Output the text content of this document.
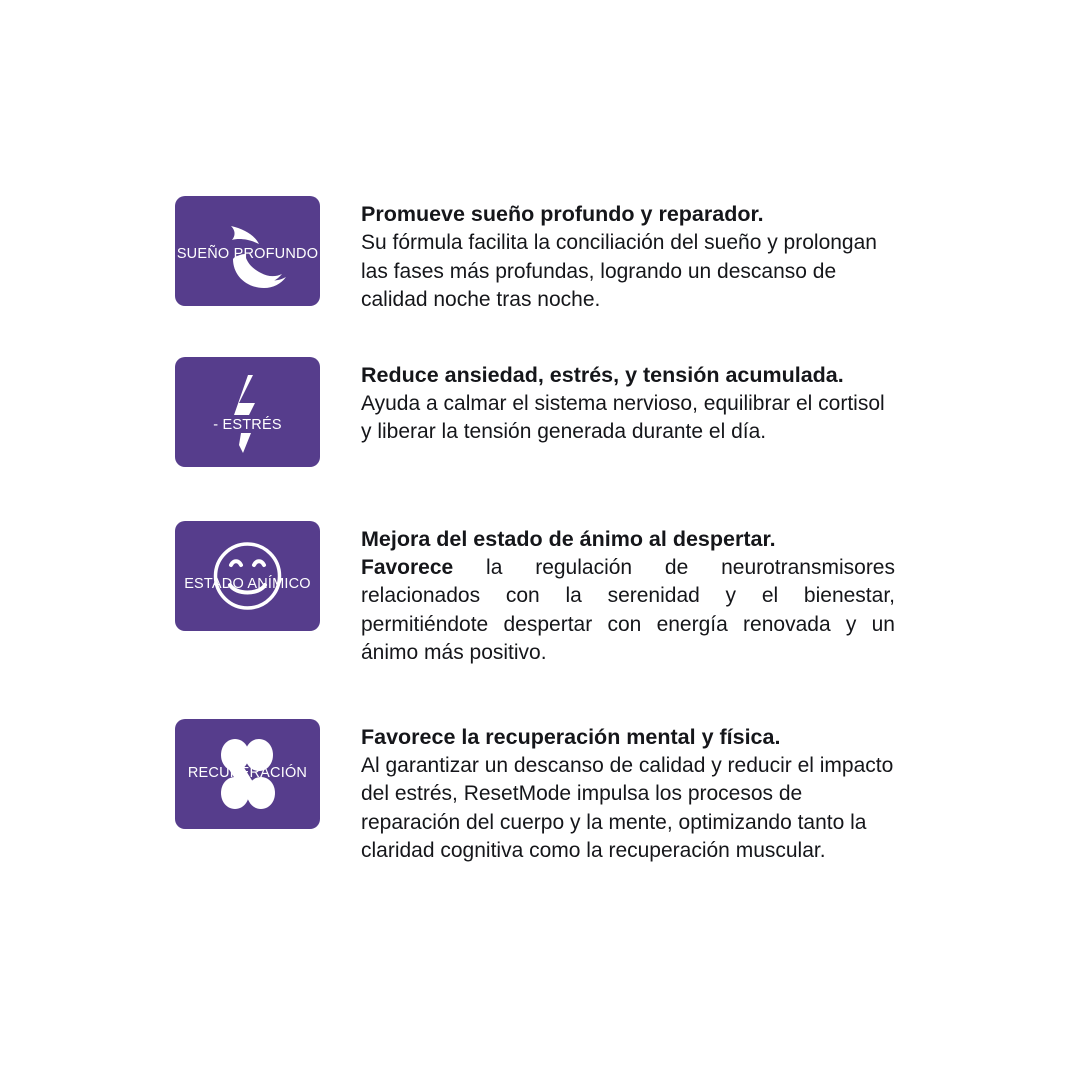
SUEÑO PROFUNDO

Promueve sueño profundo y reparador.

Su fórmula facilita la conciliación del sueño y prolongan las fases más profundas, logrando un descanso de calidad noche tras noche.

- ESTRÉS

Reduce ansiedad, estrés, y tensión acumulada.

Ayuda a calmar el sistema nervioso, equilibrar el cortisol y liberar la tensión generada durante el día.

ESTADO ANÍMICO

Mejora del estado de ánimo al despertar.

Favorece la regulación de neurotransmisores relacionados con la serenidad y el bienestar, permitiéndote despertar con energía renovada y un ánimo más positivo.

RECUPERACIÓN

Favorece la recuperación mental y física.

Al garantizar un descanso de calidad y reducir el impacto del estrés, ResetMode impulsa los procesos de reparación del cuerpo y la mente, optimizando tanto la claridad cognitiva como la recuperación muscular.
